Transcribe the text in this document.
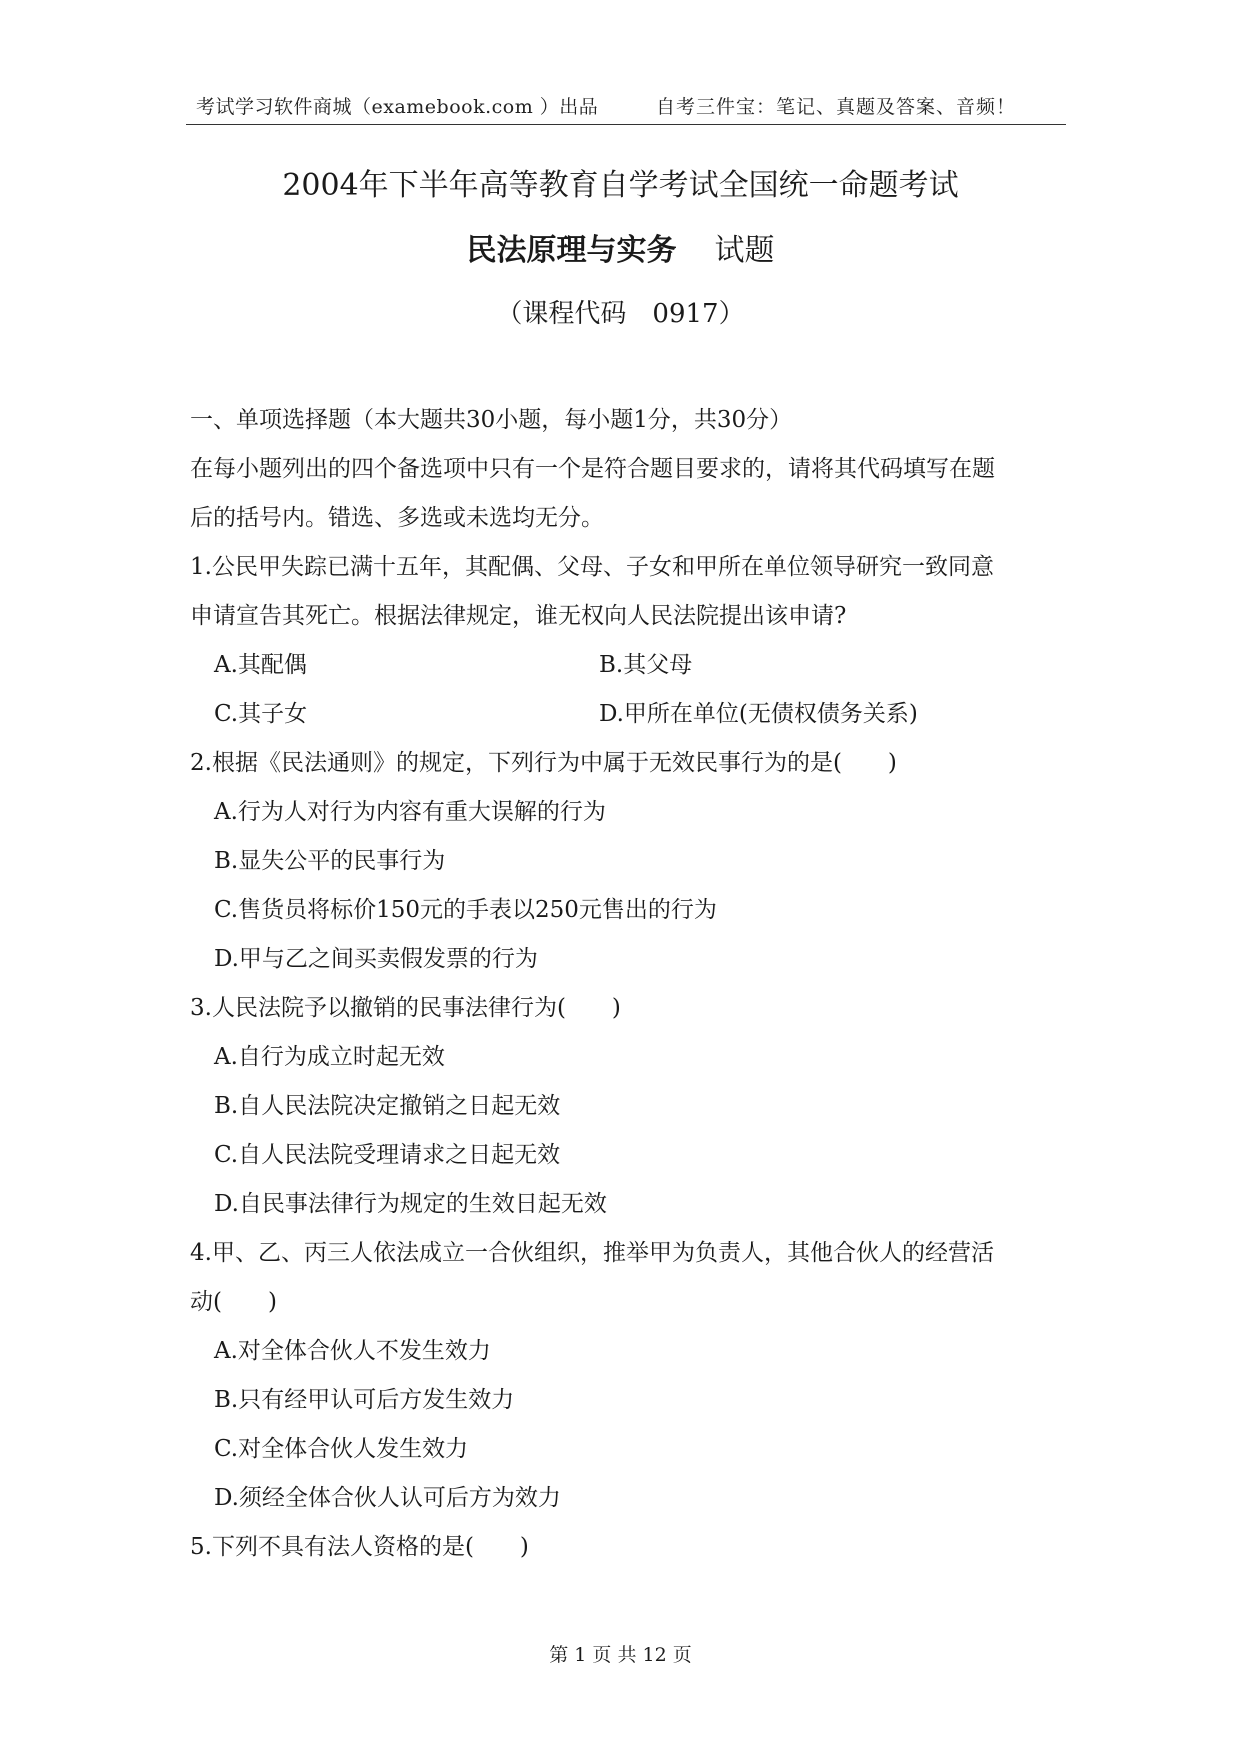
考试学习软件商城（examebook.com ）出品	自考三件宝：笔记、真题及答案、音频！
2004年下半年高等教育自学考试全国统一命题考试
民法原理与实务 试题
（课程代码　0917）
一、单项选择题（本大题共30小题，每小题1分，共30分）
在每小题列出的四个备选项中只有一个是符合题目要求的，请将其代码填写在题
后的括号内。错选、多选或未选均无分。
1.公民甲失踪已满十五年，其配偶、父母、子女和甲所在单位领导研究一致同意
申请宣告其死亡。根据法律规定，谁无权向人民法院提出该申请?
A.其配偶	B.其父母
C.其子女	D.甲所在单位(无债权债务关系)
2.根据《民法通则》的规定，下列行为中属于无效民事行为的是(　　)
A.行为人对行为内容有重大误解的行为
B.显失公平的民事行为
C.售货员将标价150元的手表以250元售出的行为
D.甲与乙之间买卖假发票的行为
3.人民法院予以撤销的民事法律行为(　　)
A.自行为成立时起无效
B.自人民法院决定撤销之日起无效
C.自人民法院受理请求之日起无效
D.自民事法律行为规定的生效日起无效
4.甲、乙、丙三人依法成立一合伙组织，推举甲为负责人，其他合伙人的经营活
动(　　)
A.对全体合伙人不发生效力
B.只有经甲认可后方发生效力
C.对全体合伙人发生效力
D.须经全体合伙人认可后方为效力
5.下列不具有法人资格的是(　　)
第 1 页 共 12 页
